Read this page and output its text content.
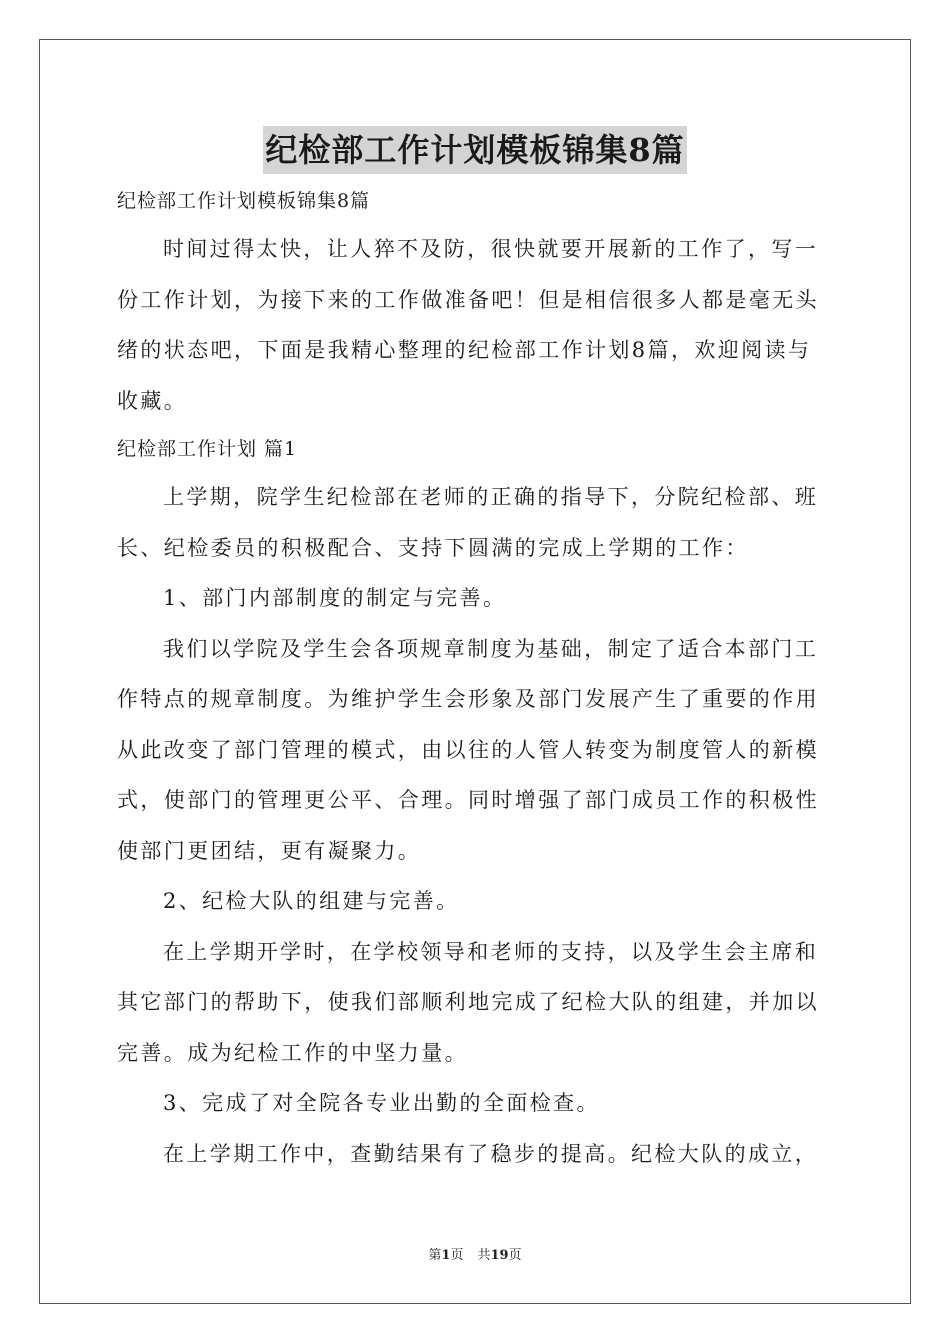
纪检部工作计划模板锦集8篇

纪检部工作计划模板锦集8篇

时间过得太快，让人猝不及防，很快就要开展新的工作了，写一

份工作计划，为接下来的工作做准备吧！但是相信很多人都是毫无头

绪的状态吧，下面是我精心整理的纪检部工作计划8篇，欢迎阅读与

收藏。

纪检部工作计划 篇1

上学期，院学生纪检部在老师的正确的指导下，分院纪检部、班

长、纪检委员的积极配合、支持下圆满的完成上学期的工作：

1、部门内部制度的制定与完善。

我们以学院及学生会各项规章制度为基础，制定了适合本部门工

作特点的规章制度。为维护学生会形象及部门发展产生了重要的作用

从此改变了部门管理的模式，由以往的人管人转变为制度管人的新模

式，使部门的管理更公平、合理。同时增强了部门成员工作的积极性

使部门更团结，更有凝聚力。

2、纪检大队的组建与完善。

在上学期开学时，在学校领导和老师的支持，以及学生会主席和

其它部门的帮助下，使我们部顺利地完成了纪检大队的组建，并加以

完善。成为纪检工作的中坚力量。

3、完成了对全院各专业出勤的全面检查。

在上学期工作中，查勤结果有了稳步的提高。纪检大队的成立，

第1页 共19页
